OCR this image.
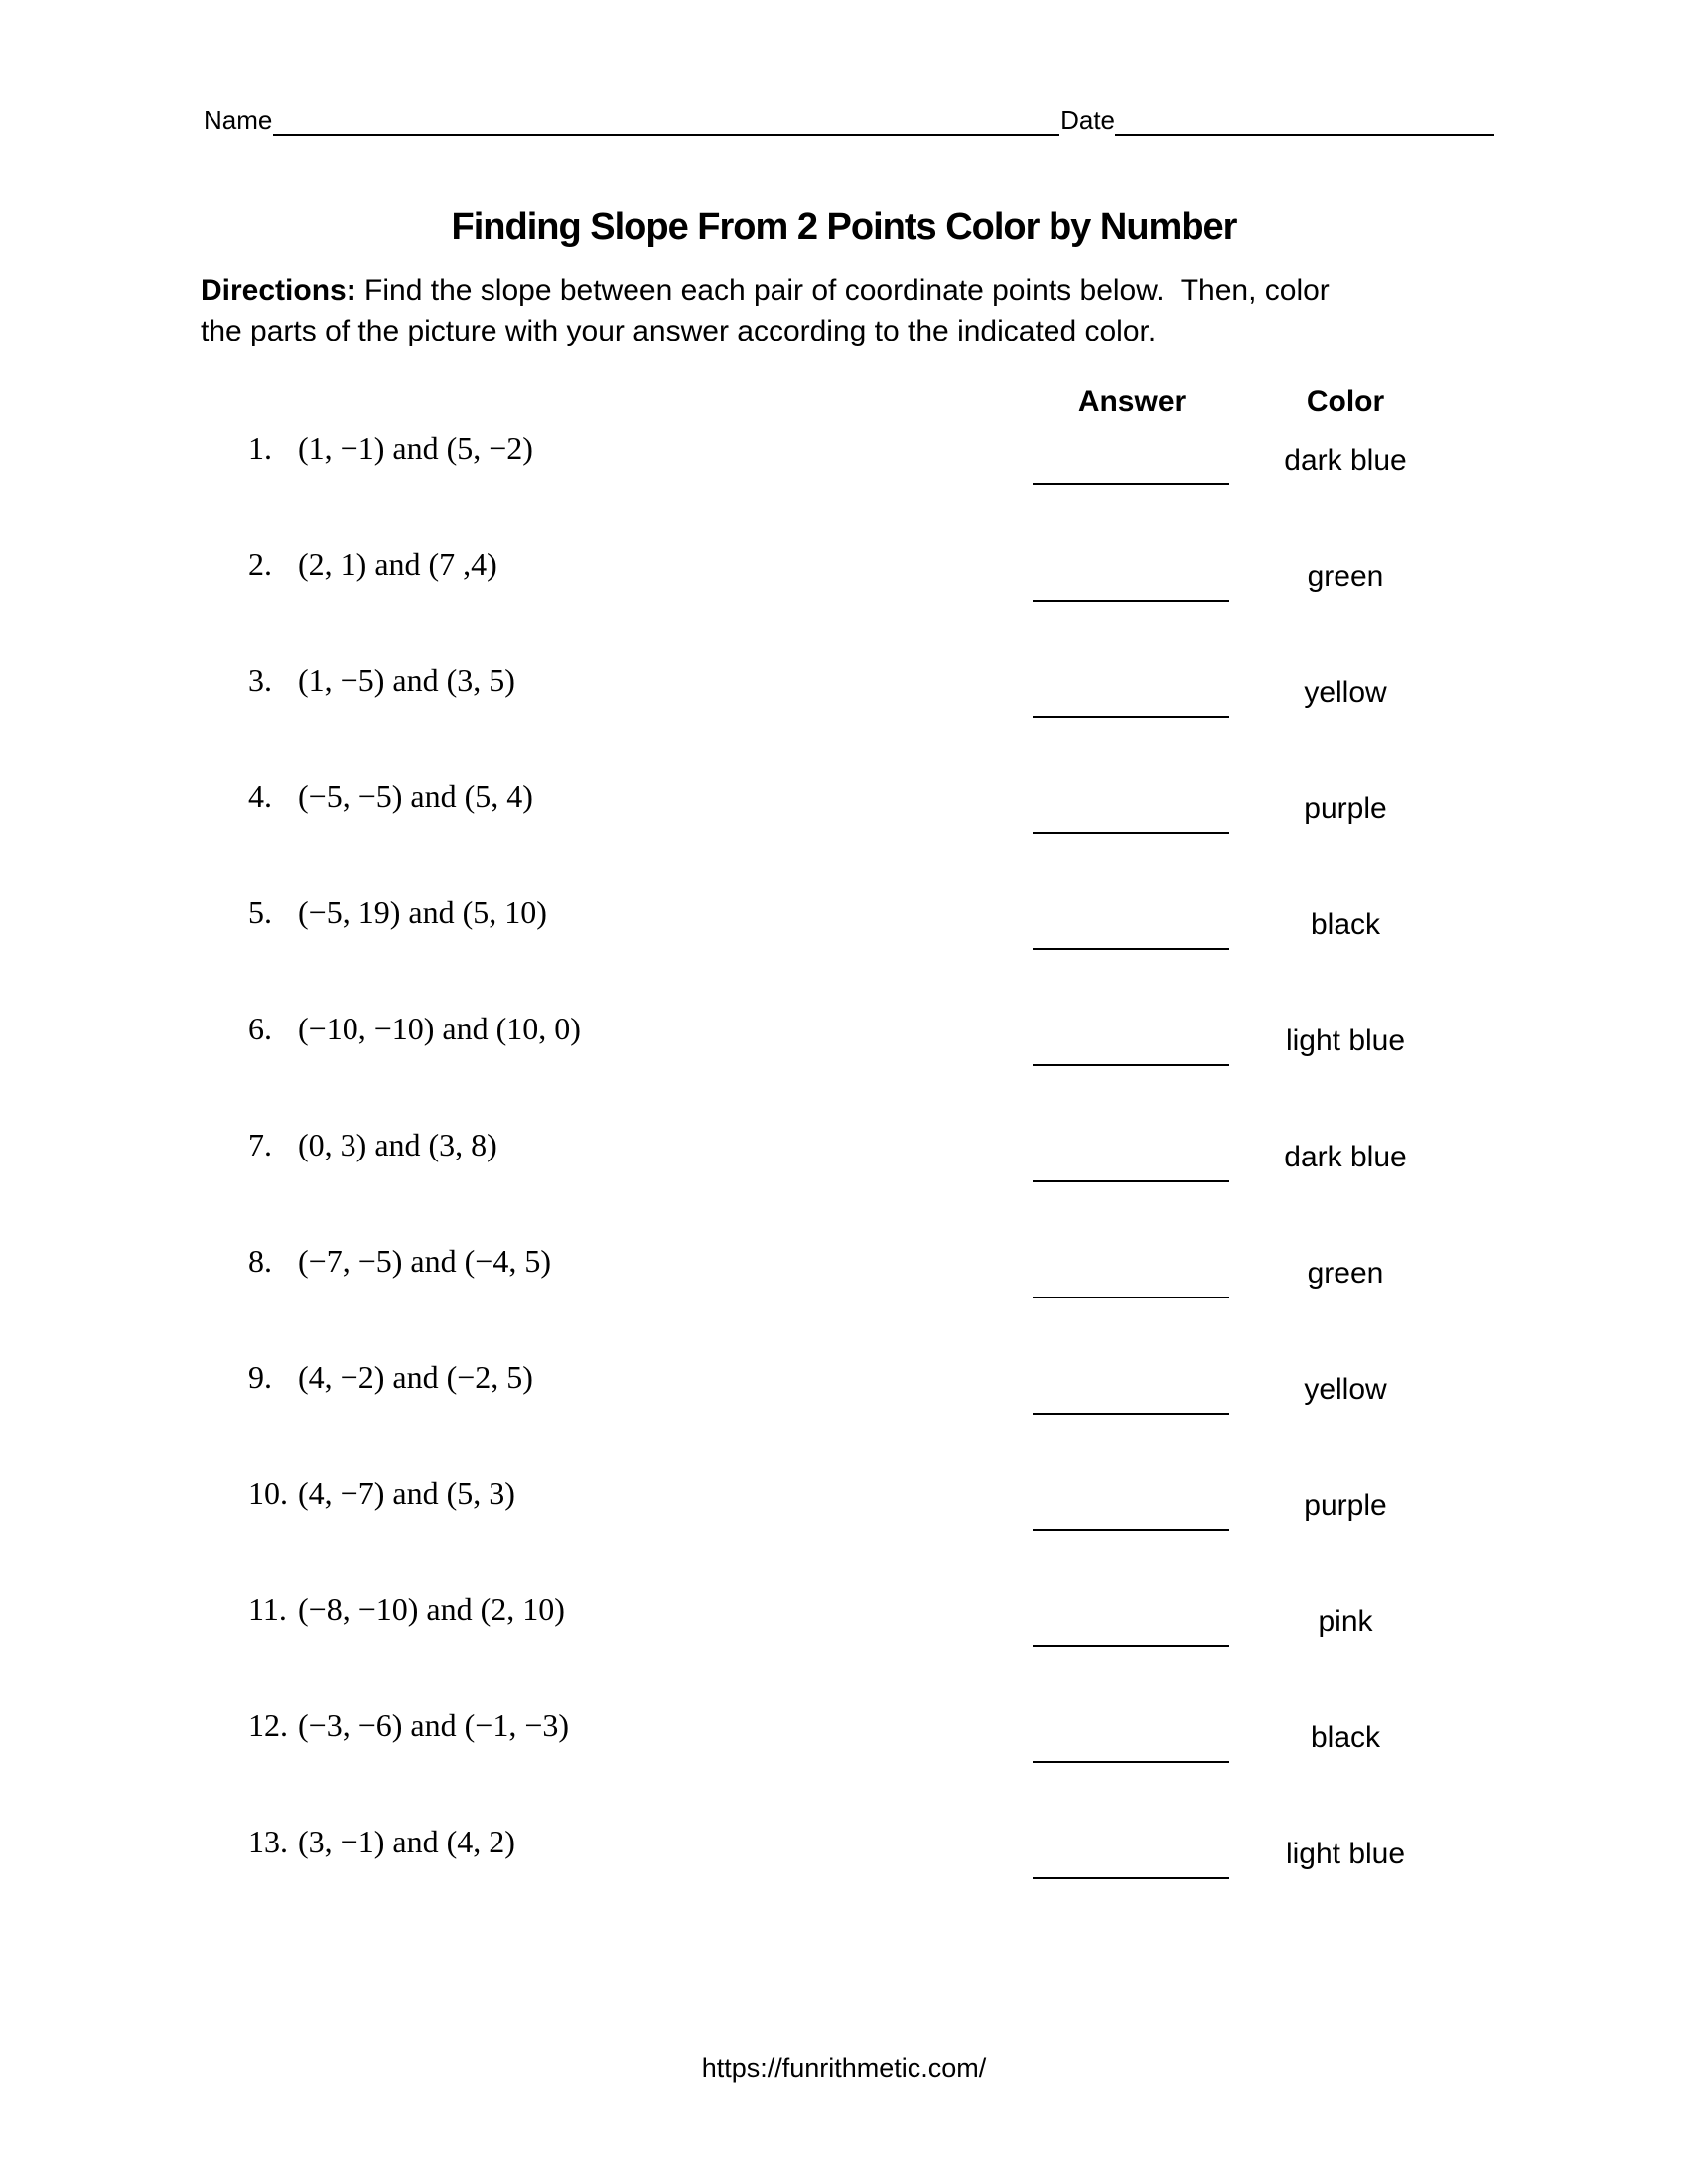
Name	Date
Finding Slope From 2 Points Color by Number
Directions: Find the slope between each pair of coordinate points below.  Then, color
the parts of the picture with your answer according to the indicated color.
Answer	Color
1. (1, −1) and (5, −2)	dark blue
2. (2, 1) and (7 ,4)	green
3. (1, −5) and (3, 5)	yellow
4. (−5, −5) and (5, 4)	purple
5. (−5, 19) and (5, 10)	black
6. (−10, −10) and (10, 0)	light blue
7. (0, 3) and (3, 8)	dark blue
8. (−7, −5) and (−4, 5)	green
9. (4, −2) and (−2, 5)	yellow
10. (4, −7) and (5, 3)	purple
11. (−8, −10) and (2, 10)	pink
12. (−3, −6) and (−1, −3)	black
13. (3, −1) and (4, 2)	light blue
https://funrithmetic.com/
